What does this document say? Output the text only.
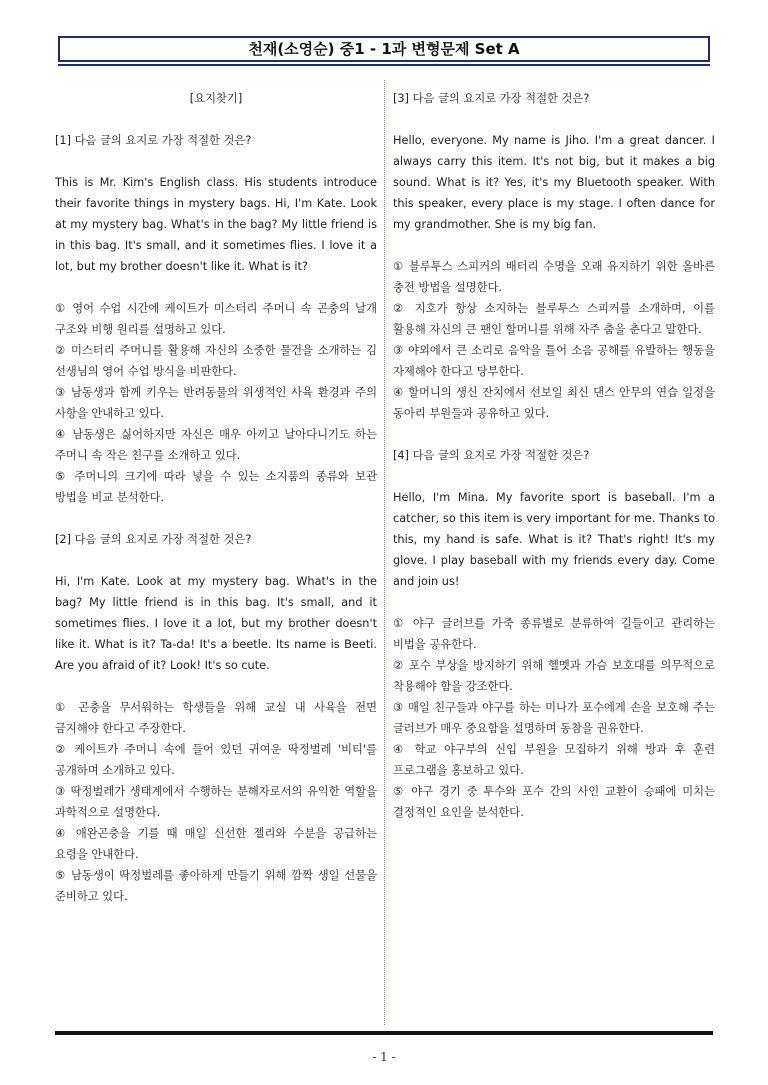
천재(소영순) 중1 - 1과 변형문제 Set A

[요지찾기]

[1] 다음 글의 요지로 가장 적절한 것은?

This is Mr. Kim's English class. His students introduce their favorite things in mystery bags. Hi, I'm Kate. Look at my mystery bag. What's in the bag? My little friend is in this bag. It's small, and it sometimes flies. I love it a lot, but my brother doesn't like it. What is it?

① 영어 수업 시간에 케이트가 미스터리 주머니 속 곤충의 날개 구조와 비행 원리를 설명하고 있다.

② 미스터리 주머니를 활용해 자신의 소중한 물건을 소개하는 김 선생님의 영어 수업 방식을 비판한다.

③ 남동생과 함께 키우는 반려동물의 위생적인 사육 환경과 주의 사항을 안내하고 있다.

④ 남동생은 싫어하지만 자신은 매우 아끼고 날아다니기도 하는 주머니 속 작은 친구를 소개하고 있다.

⑤ 주머니의 크기에 따라 넣을 수 있는 소지품의 종류와 보관 방법을 비교 분석한다.

[2] 다음 글의 요지로 가장 적절한 것은?

Hi, I'm Kate. Look at my mystery bag. What's in the bag? My little friend is in this bag. It's small, and it sometimes flies. I love it a lot, but my brother doesn't like it. What is it? Ta-da! It's a beetle. Its name is Beeti. Are you afraid of it? Look! It's so cute.

① 곤충을 무서워하는 학생들을 위해 교실 내 사육을 전면 금지해야 한다고 주장한다.

② 케이트가 주머니 속에 들어 있던 귀여운 딱정벌레 '비티'를 공개하며 소개하고 있다.

③ 딱정벌레가 생태계에서 수행하는 분해자로서의 유익한 역할을 과학적으로 설명한다.

④ 애완곤충을 기를 때 매일 신선한 젤리와 수분을 공급하는 요령을 안내한다.

⑤ 남동생이 딱정벌레를 좋아하게 만들기 위해 깜짝 생일 선물을 준비하고 있다.

[3] 다음 글의 요지로 가장 적절한 것은?

Hello, everyone. My name is Jiho. I'm a great dancer. I always carry this item. It's not big, but it makes a big sound. What is it? Yes, it's my Bluetooth speaker. With this speaker, every place is my stage. I often dance for my grandmother. She is my big fan.

① 블루투스 스피커의 배터리 수명을 오래 유지하기 위한 올바른 충전 방법을 설명한다.

② 지호가 항상 소지하는 블루투스 스피커를 소개하며, 이를 활용해 자신의 큰 팬인 할머니를 위해 자주 춤을 춘다고 말한다.

③ 야외에서 큰 소리로 음악을 틀어 소음 공해를 유발하는 행동을 자제해야 한다고 당부한다.

④ 할머니의 생신 잔치에서 선보일 최신 댄스 안무의 연습 일정을 동아리 부원들과 공유하고 있다.

[4] 다음 글의 요지로 가장 적절한 것은?

Hello, I'm Mina. My favorite sport is baseball. I'm a catcher, so this item is very important for me. Thanks to this, my hand is safe. What is it? That's right! It's my glove. I play baseball with my friends every day. Come and join us!

① 야구 글러브를 가죽 종류별로 분류하여 길들이고 관리하는 비법을 공유한다.

② 포수 부상을 방지하기 위해 헬멧과 가슴 보호대를 의무적으로 착용해야 함을 강조한다.

③ 매일 친구들과 야구를 하는 미나가 포수에게 손을 보호해 주는 글러브가 매우 중요함을 설명하며 동참을 권유한다.

④ 학교 야구부의 신입 부원을 모집하기 위해 방과 후 훈련 프로그램을 홍보하고 있다.

⑤ 야구 경기 중 투수와 포수 간의 사인 교환이 승패에 미치는 결정적인 요인을 분석한다.

- 1 -
